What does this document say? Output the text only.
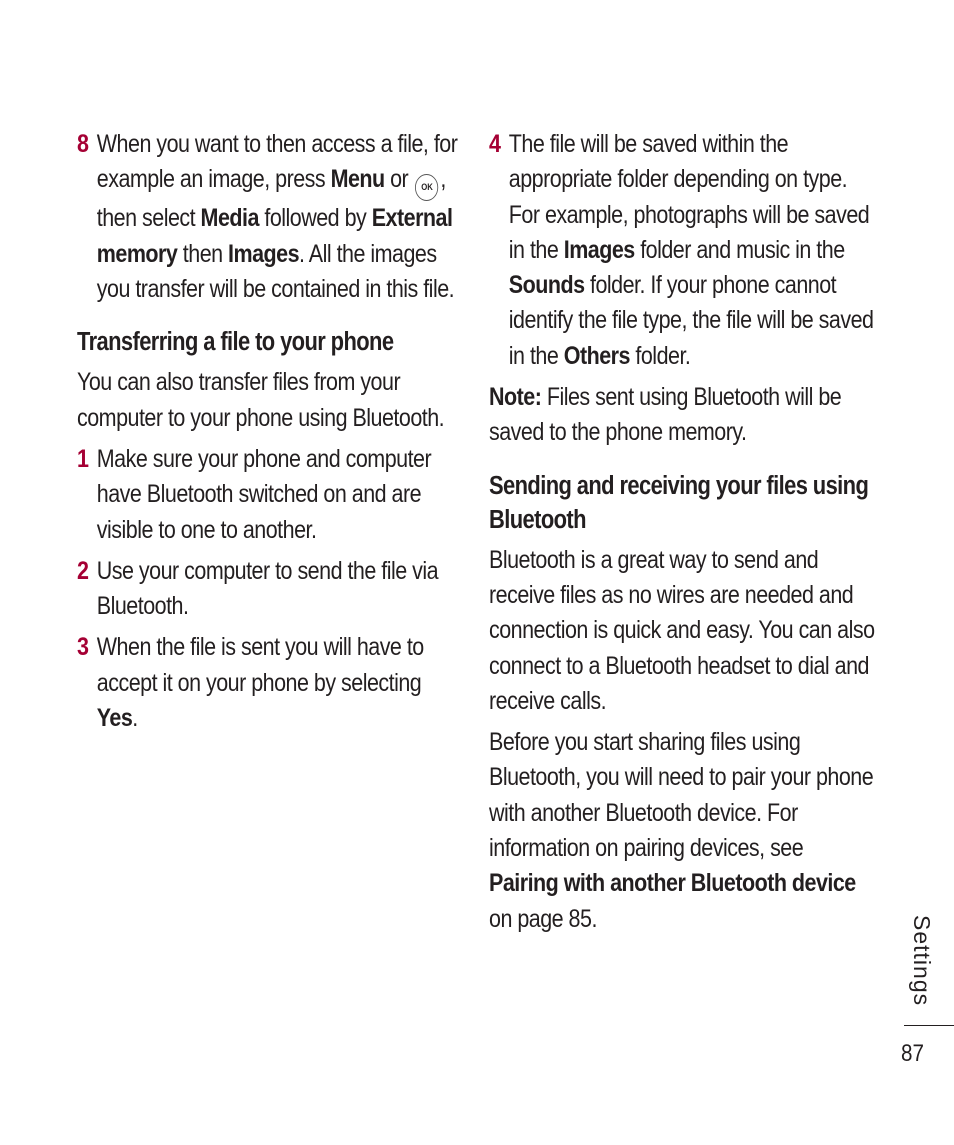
8 When you want to then access a file, for example an image, press Menu or OK , then select Media followed by External memory then Images. All the images you transfer will be contained in this file.
Transferring a file to your phone

You can also transfer files from your computer to your phone using Bluetooth.

1 Make sure your phone and computer have Bluetooth switched on and are visible to one to another.
2 Use your computer to send the file via Bluetooth.
3 When the file is sent you will have to accept it on your phone by selecting Yes.
4 The file will be saved within the appropriate folder depending on type. For example, photographs will be saved in the Images folder and music in the Sounds folder. If your phone cannot identify the file type, the file will be saved in the Others folder.

Note: Files sent using Bluetooth will be saved to the phone memory.

Sending and receiving your files using Bluetooth

Bluetooth is a great way to send and receive files as no wires are needed and connection is quick and easy. You can also connect to a Bluetooth headset to dial and receive calls.

Before you start sharing files using Bluetooth, you will need to pair your phone with another Bluetooth device. For information on pairing devices, see Pairing with another Bluetooth device on page 85.	Settings
87
